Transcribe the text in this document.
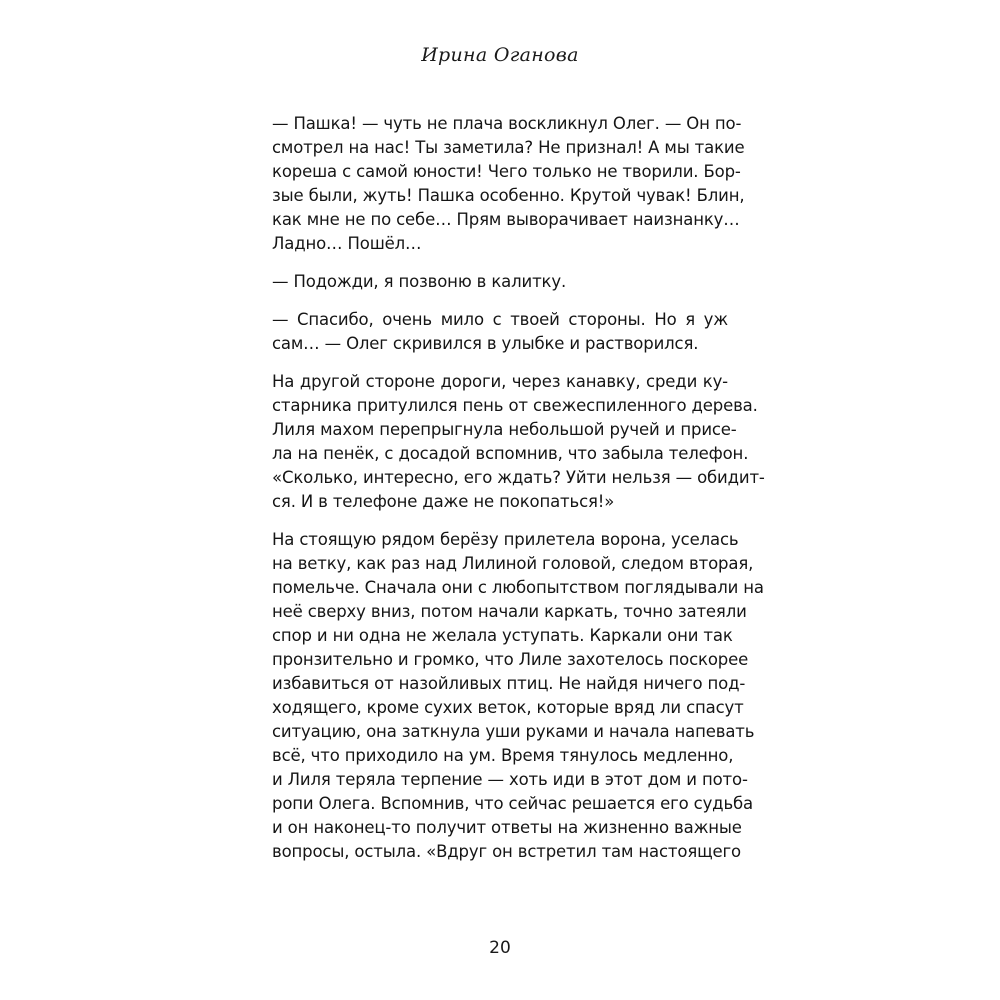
Ирина Оганова

— Пашка! — чуть не плача воскликнул Олег. — Он по-
смотрел на нас! Ты заметила? Не признал! А мы такие
кореша с самой юности! Чего только не творили. Бор-
зые были, жуть! Пашка особенно. Крутой чувак! Блин,
как мне не по себе… Прям выворачивает наизнанку…
Ладно… Пошёл…

— Подожди, я позвоню в калитку.

— Спасибо, очень мило с твоей стороны. Но я уж
сам… — Олег скривился в улыбке и растворился.

На другой стороне дороги, через канавку, среди ку-
старника притулился пень от свежеспиленного дерева.
Лиля махом перепрыгнула небольшой ручей и присе-
ла на пенёк, с досадой вспомнив, что забыла телефон.
«Сколько, интересно, его ждать? Уйти нельзя — обидит-
ся. И в телефоне даже не покопаться!»

На стоящую рядом берёзу прилетела ворона, уселась
на ветку, как раз над Лилиной головой, следом вторая,
помельче. Сначала они с любопытством поглядывали на
неё сверху вниз, потом начали каркать, точно затеяли
спор и ни одна не желала уступать. Каркали они так
пронзительно и громко, что Лиле захотелось поскорее
избавиться от назойливых птиц. Не найдя ничего под-
ходящего, кроме сухих веток, которые вряд ли спасут
ситуацию, она заткнула уши руками и начала напевать
всё, что приходило на ум. Время тянулось медленно,
и Лиля теряла терпение — хоть иди в этот дом и пото-
ропи Олега. Вспомнив, что сейчас решается его судьба
и он наконец-то получит ответы на жизненно важные
вопросы, остыла. «Вдруг он встретил там настоящего

20
